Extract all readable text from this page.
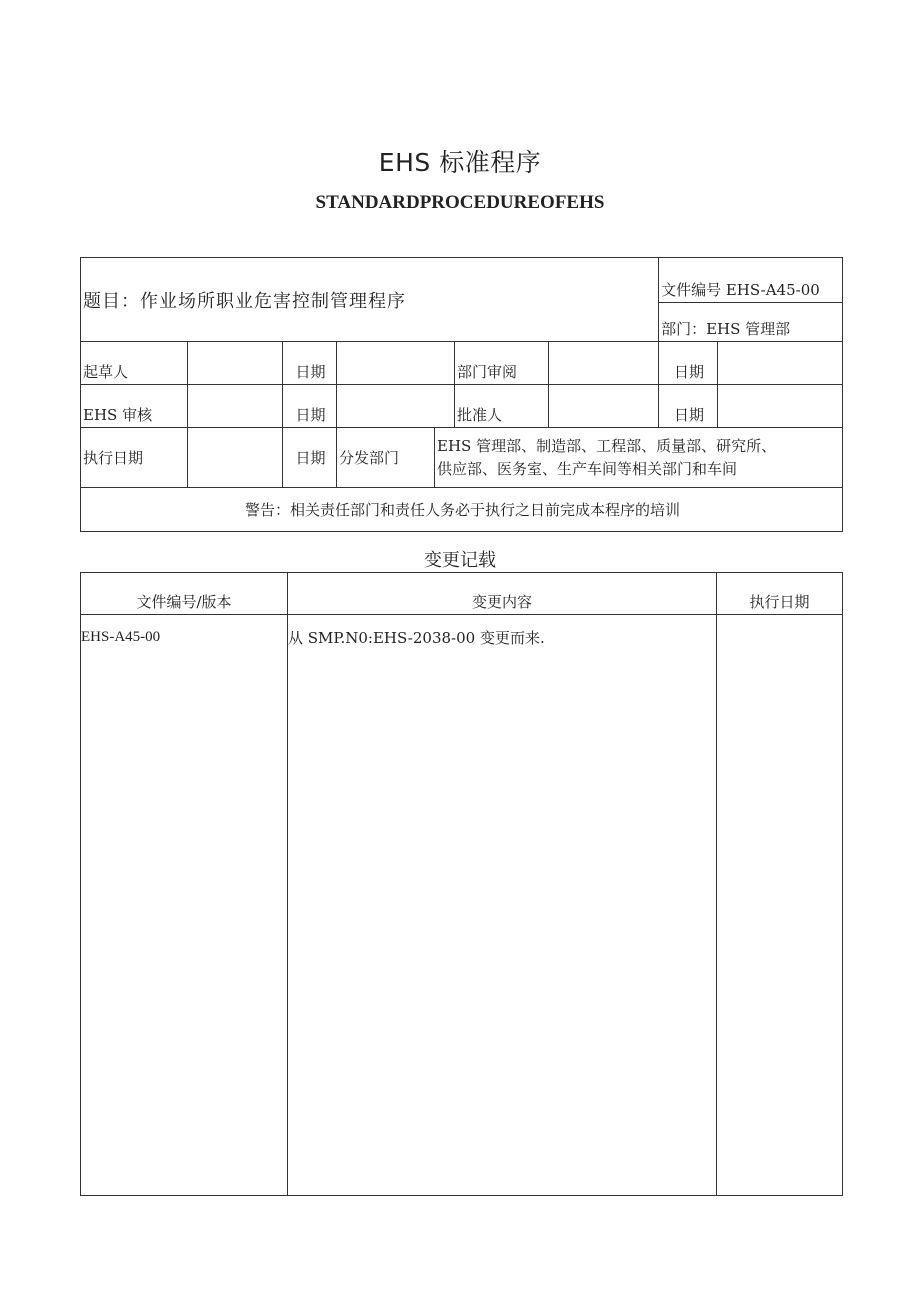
EHS 标准程序
STANDARDPROCEDUREOFEHS
题目：作业场所职业危害控制管理程序							文件编号 EHS-A45-00	
							部门：EHS 管理部	
起草人		日期			部门审阅		日期	
EHS 审核		日期			批准人		日期	
执行日期		日期	分发部门	EHS 管理部、制造部、工程部、质量部、研究所、
供应部、医务室、生产车间等相关部门和车间				

警告：相关责任部门和责任人务必于执行之日前完成本程序的培训								
变更记载
文件编号/版本	变更内容	执行日期
EHS-A45-00	从 SMP.N0:EHS-2038-00 变更而来.	
